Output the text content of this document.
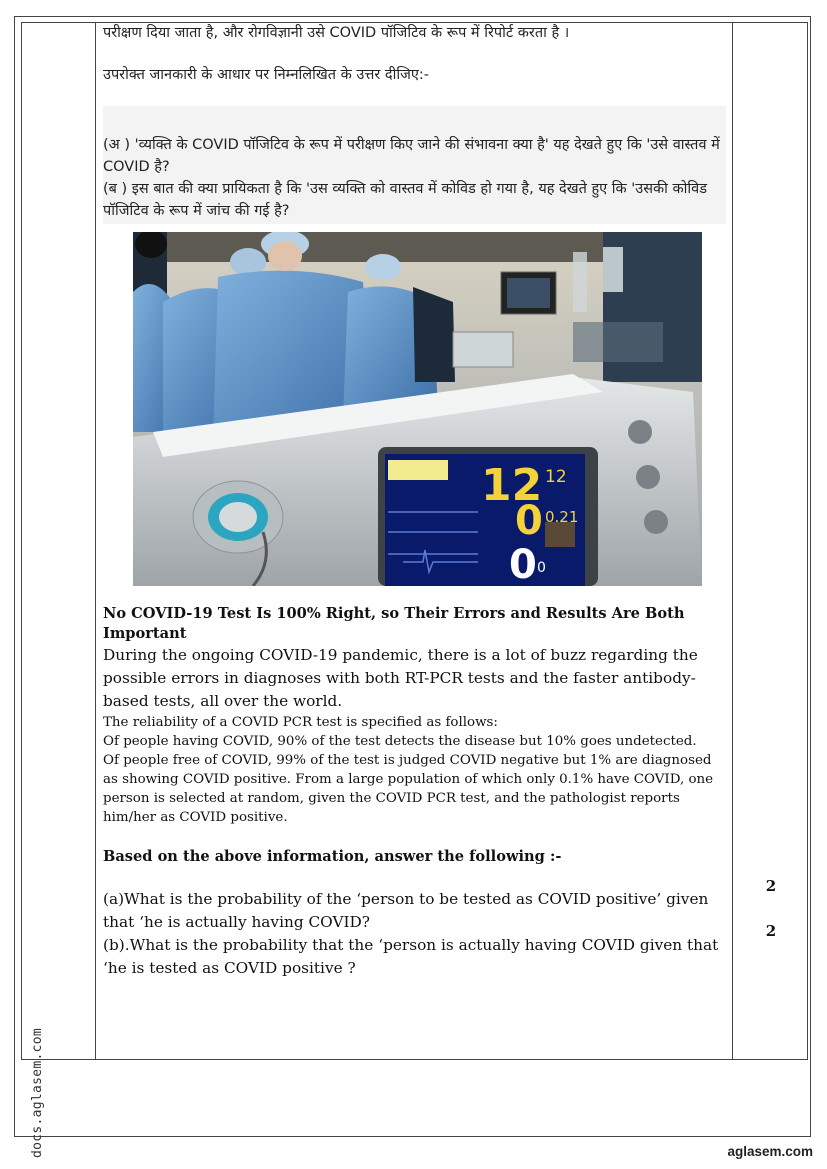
परीक्षण दिया जाता है, और रोगविज्ञानी उसे COVID पॉजिटिव के रूप में रिपोर्ट करता है ।
उपरोक्त जानकारी के आधार पर निम्नलिखित के उत्तर दीजिए:-
(अ ) 'व्यक्ति के COVID पॉजिटिव के रूप में परीक्षण किए जाने की संभावना क्या है' यह देखते हुए कि 'उसे वास्तव में COVID है?
(ब ) इस बात की क्या प्रायिकता है कि 'उस व्यक्ति को वास्तव में कोविड हो गया है, यह देखते हुए कि 'उसकी कोविड पॉजिटिव के रूप में जांच की गई है?
12 12
0 0.21
0 0
No COVID-19 Test Is 100% Right, so Their Errors and Results Are Both Important
During the ongoing COVID-19 pandemic, there is a lot of buzz regarding the possible errors in diagnoses with both RT-PCR tests and the faster antibody-based tests, all over the world.
The reliability of a COVID PCR test is specified as follows:
Of people having COVID, 90% of the test detects the disease but 10% goes undetected.
Of people free of COVID, 99% of the test is judged COVID negative but 1% are diagnosed as showing COVID positive. From a large population of which only 0.1% have COVID, one person is selected at random, given the COVID PCR test, and the pathologist reports him/her as COVID positive.
Based on the above information, answer the following :-
(a)What is the probability of the ‘person to be tested as COVID positive’ given that ‘he is actually having COVID?
(b).What is the probability that the ‘person is actually having COVID given that ‘he is tested as COVID positive ?
2
2
docs.aglasem.com	aglasem.com
